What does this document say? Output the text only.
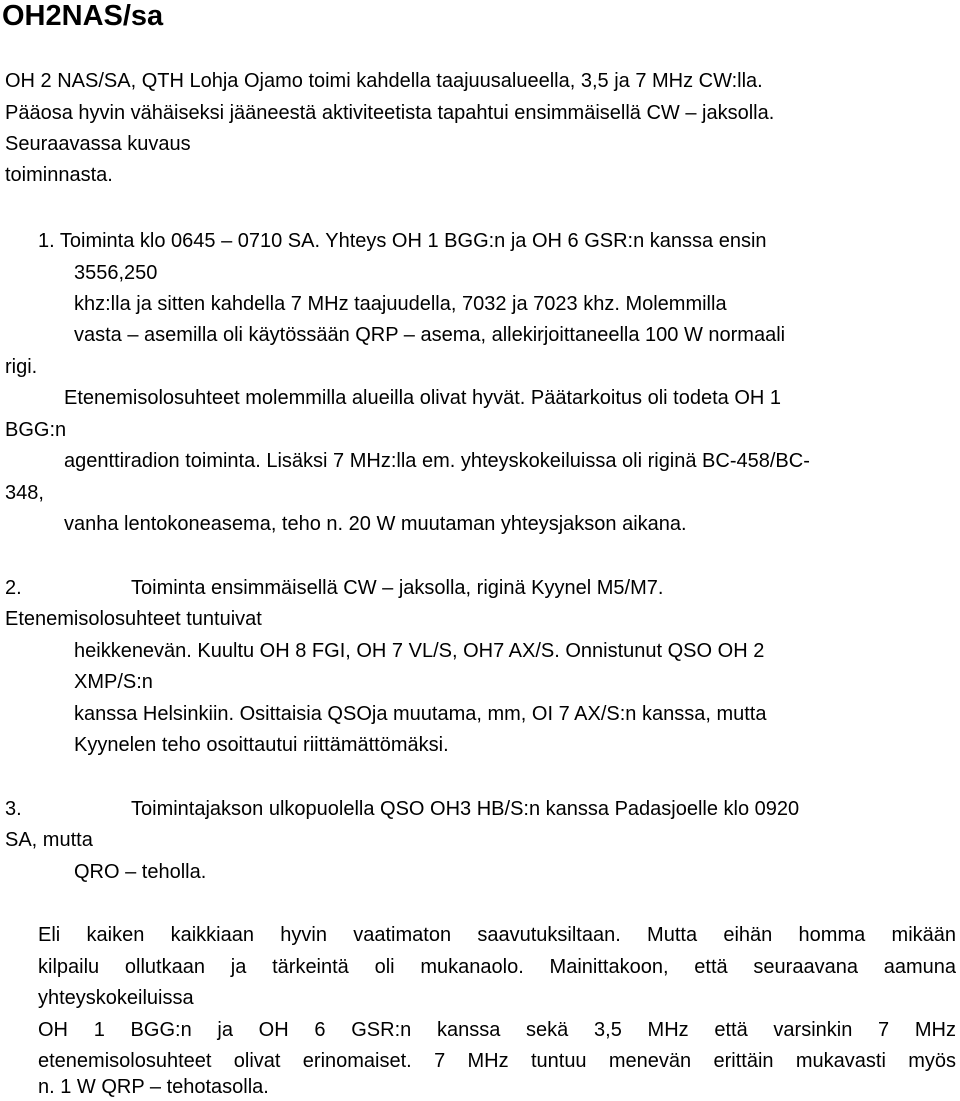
OH2NAS/sa

OH 2 NAS/SA, QTH Lohja Ojamo toimi kahdella taajuusalueella, 3,5 ja 7 MHz CW:lla.

Pääosa hyvin vähäiseksi jääneestä aktiviteetista tapahtui ensimmäisellä CW – jaksolla.

Seuraavassa kuvaus

toiminnasta.

1. Toiminta klo 0645 – 0710 SA. Yhteys OH 1 BGG:n ja OH 6 GSR:n kanssa ensin

3556,250

khz:lla ja sitten kahdella 7 MHz taajuudella, 7032 ja 7023 khz. Molemmilla

vasta – asemilla oli käytössään QRP – asema, allekirjoittaneella 100 W normaali

rigi.

Etenemisolosuhteet molemmilla alueilla olivat hyvät. Päätarkoitus oli todeta OH 1

BGG:n

agenttiradion toiminta. Lisäksi 7 MHz:lla em. yhteyskokeiluissa oli riginä BC-458/BC-

348,

vanha lentokoneasema, teho n. 20 W muutaman yhteysjakson aikana.

2.	Toiminta ensimmäisellä CW – jaksolla, riginä Kyynel M5/M7.

Etenemisolosuhteet tuntuivat

heikkenevän. Kuultu OH 8 FGI, OH 7 VL/S, OH7 AX/S. Onnistunut QSO OH 2

XMP/S:n

kanssa Helsinkiin. Osittaisia QSOja muutama, mm, OI 7 AX/S:n kanssa, mutta

Kyynelen teho osoittautui riittämättömäksi.

3.	Toimintajakson ulkopuolella QSO OH3 HB/S:n kanssa Padasjoelle klo 0920

SA, mutta

QRO – teholla.

Eli kaiken kaikkiaan hyvin vaatimaton saavutuksiltaan. Mutta eihän homma mikään

kilpailu ollutkaan ja tärkeintä oli mukanaolo. Mainittakoon, että seuraavana aamuna

yhteyskokeiluissa

OH 1 BGG:n ja OH 6 GSR:n kanssa sekä 3,5 MHz että varsinkin 7 MHz

etenemisolosuhteet olivat erinomaiset. 7 MHz tuntuu menevän erittäin mukavasti myös

n. 1 W QRP – tehotasolla.
